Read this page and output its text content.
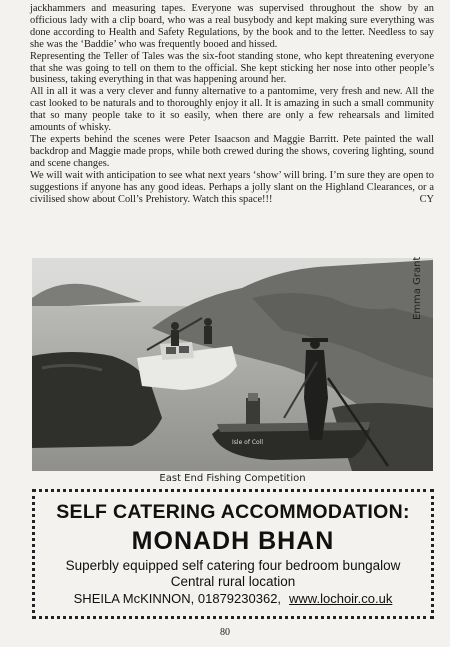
jackhammers and measuring tapes. Everyone was supervised throughout the show by an officious lady with a clip board, who was a real busybody and kept making sure everything was done according to Health and Safety Regulations, by the book and to the letter. Needless to say she was the ‘Baddie’ who was frequently booed and hissed.

Representing the Teller of Tales was the six-foot standing stone, who kept threatening everyone that she was going to tell on them to the official. She kept sticking her nose into other people’s business, taking everything in that was happening around her.

All in all it was a very clever and funny alternative to a pantomime, very fresh and new. All the cast looked to be naturals and to thoroughly enjoy it all. It is amazing in such a small community that so many people take to it so easily, when there are only a few rehearsals and limited amounts of whisky.

The experts behind the scenes were Peter Isaacson and Maggie Barritt. Pete painted the wall backdrop and Maggie made props, while both crewed during the shows, covering lighting, sound and scene changes.

We will wait with anticipation to see what next years ‘show’ will bring. I’m sure they are open to suggestions if anyone has any good ideas. Perhaps a jolly slant on the Highland Clearances, or a civilised show about Coll’s Prehistory. Watch this space!!!	CY

Isle of Coll
Emma Grant
East End Fishing Competition
SELF CATERING ACCOMMODATION:
MONADH BHAN
Superbly equipped self catering four bedroom bungalow
Central rural location
SHEILA McKINNON, 01879230362, www.lochoir.co.uk
80
